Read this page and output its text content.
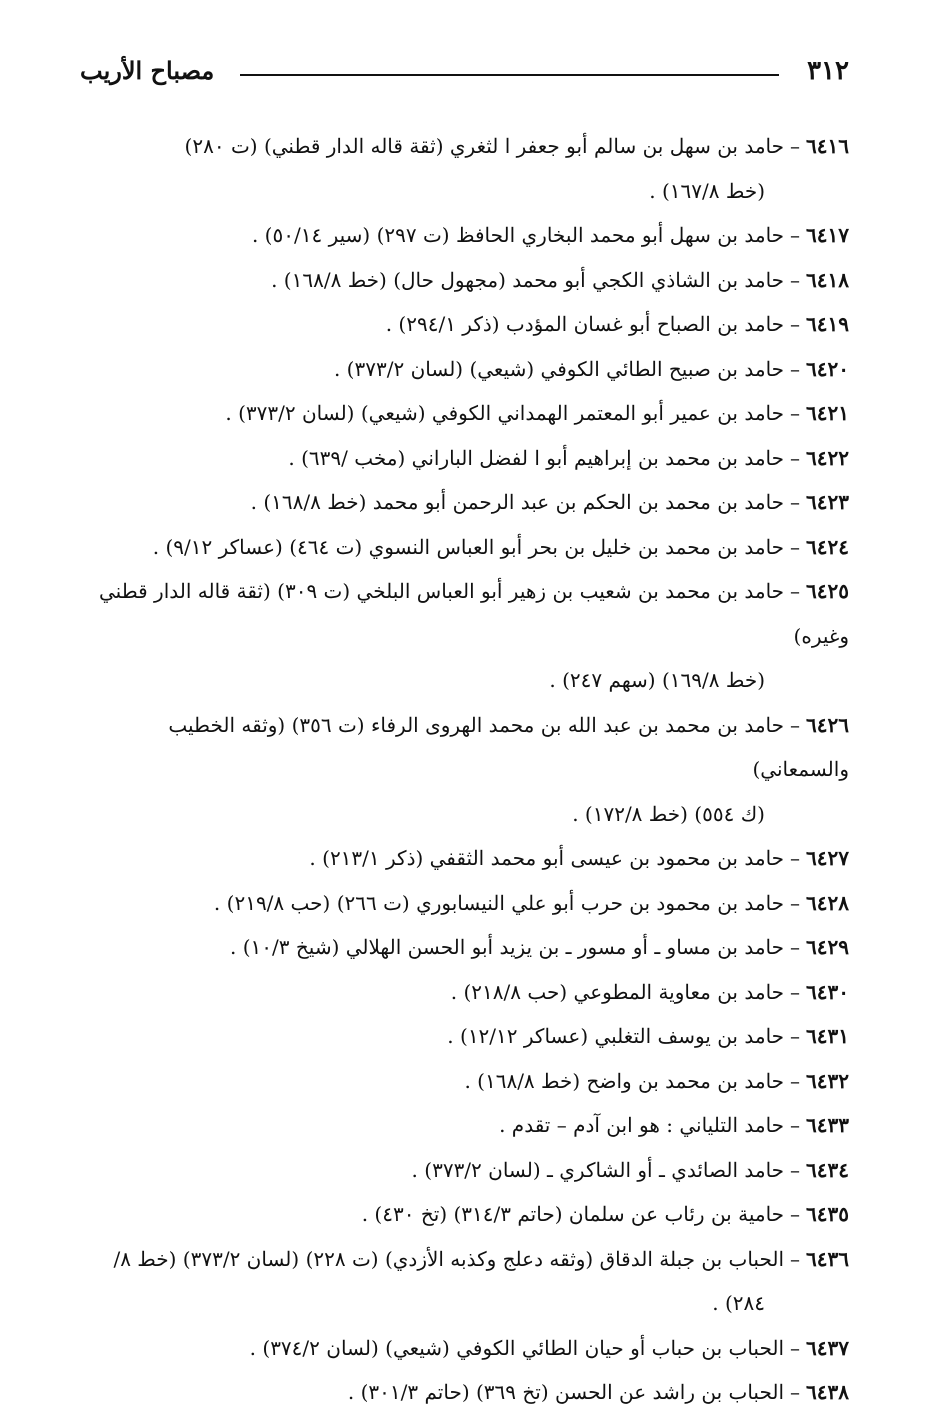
٣١٢
مصباح الأريب
٦٤١٦–حامد بن سهل بن سالم أبو جعفر ا لثغري (ثقة قاله الدار قطني) (ت ٢٨٠)
(خط ١٦٧/٨) .
٦٤١٧–حامد بن سهل أبو محمد البخاري الحافظ (ت ٢٩٧) (سير ٥٠/١٤) .
٦٤١٨–حامد بن الشاذي الكجي أبو محمد (مجهول حال) (خط ١٦٨/٨) .
٦٤١٩–حامد بن الصباح أبو غسان المؤدب (ذكر ٢٩٤/١) .
٦٤٢٠–حامد بن صبيح الطائي الكوفي (شيعي) (لسان ٣٧٣/٢) .
٦٤٢١–حامد بن عمير أبو المعتمر الهمداني الكوفي (شيعي) (لسان ٣٧٣/٢) .
٦٤٢٢–حامد بن محمد بن إبراهيم أبو ا لفضل الباراني (مخب /٦٣٩) .
٦٤٢٣–حامد بن محمد بن الحكم بن عبد الرحمن أبو محمد (خط ١٦٨/٨) .
٦٤٢٤–حامد بن محمد بن خليل بن بحر أبو العباس النسوي (ت ٤٦٤) (عساكر ٩/١٢) .
٦٤٢٥–حامد بن محمد بن شعيب بن زهير أبو العباس البلخي (ت ٣٠٩) (ثقة قاله الدار قطني وغيره)
(خط ١٦٩/٨) (سهم ٢٤٧) .
٦٤٢٦–حامد بن محمد بن عبد الله بن محمد الهروى الرفاء (ت ٣٥٦) (وثقه الخطيب والسمعاني)
(ك ٥٥٤) (خط ١٧٢/٨) .
٦٤٢٧–حامد بن محمود بن عيسى أبو محمد الثقفي (ذكر ٢١٣/١) .
٦٤٢٨–حامد بن محمود بن حرب أبو علي النيسابوري (ت ٢٦٦) (حب ٢١٩/٨) .
٦٤٢٩–حامد بن مساو ـ أو مسور ـ بن يزيد أبو الحسن الهلالي (شيخ ١٠/٣) .
٦٤٣٠–حامد بن معاوية المطوعي (حب ٢١٨/٨) .
٦٤٣١–حامد بن يوسف التغلبي (عساكر ١٢/١٢) .
٦٤٣٢–حامد بن محمد بن واضح (خط ١٦٨/٨) .
٦٤٣٣–حامد التلياني : هو ابن آدم – تقدم .
٦٤٣٤–حامد الصائدي ـ أو الشاكري ـ (لسان ٣٧٣/٢) .
٦٤٣٥–حامية بن رئاب عن سلمان (حاتم ٣١٤/٣) (تخ ٤٣٠) .
٦٤٣٦–الحباب بن جبلة الدقاق (وثقه دعلج وكذبه الأزدي) (ت ٢٢٨) (لسان ٣٧٣/٢) (خط ٨/
٢٨٤) .
٦٤٣٧–الحباب بن حباب أو حيان الطائي الكوفي (شيعي) (لسان ٣٧٤/٢) .
٦٤٣٨–الحباب بن راشد عن الحسن (تخ ٣٦٩) (حاتم ٣٠١/٣) .
